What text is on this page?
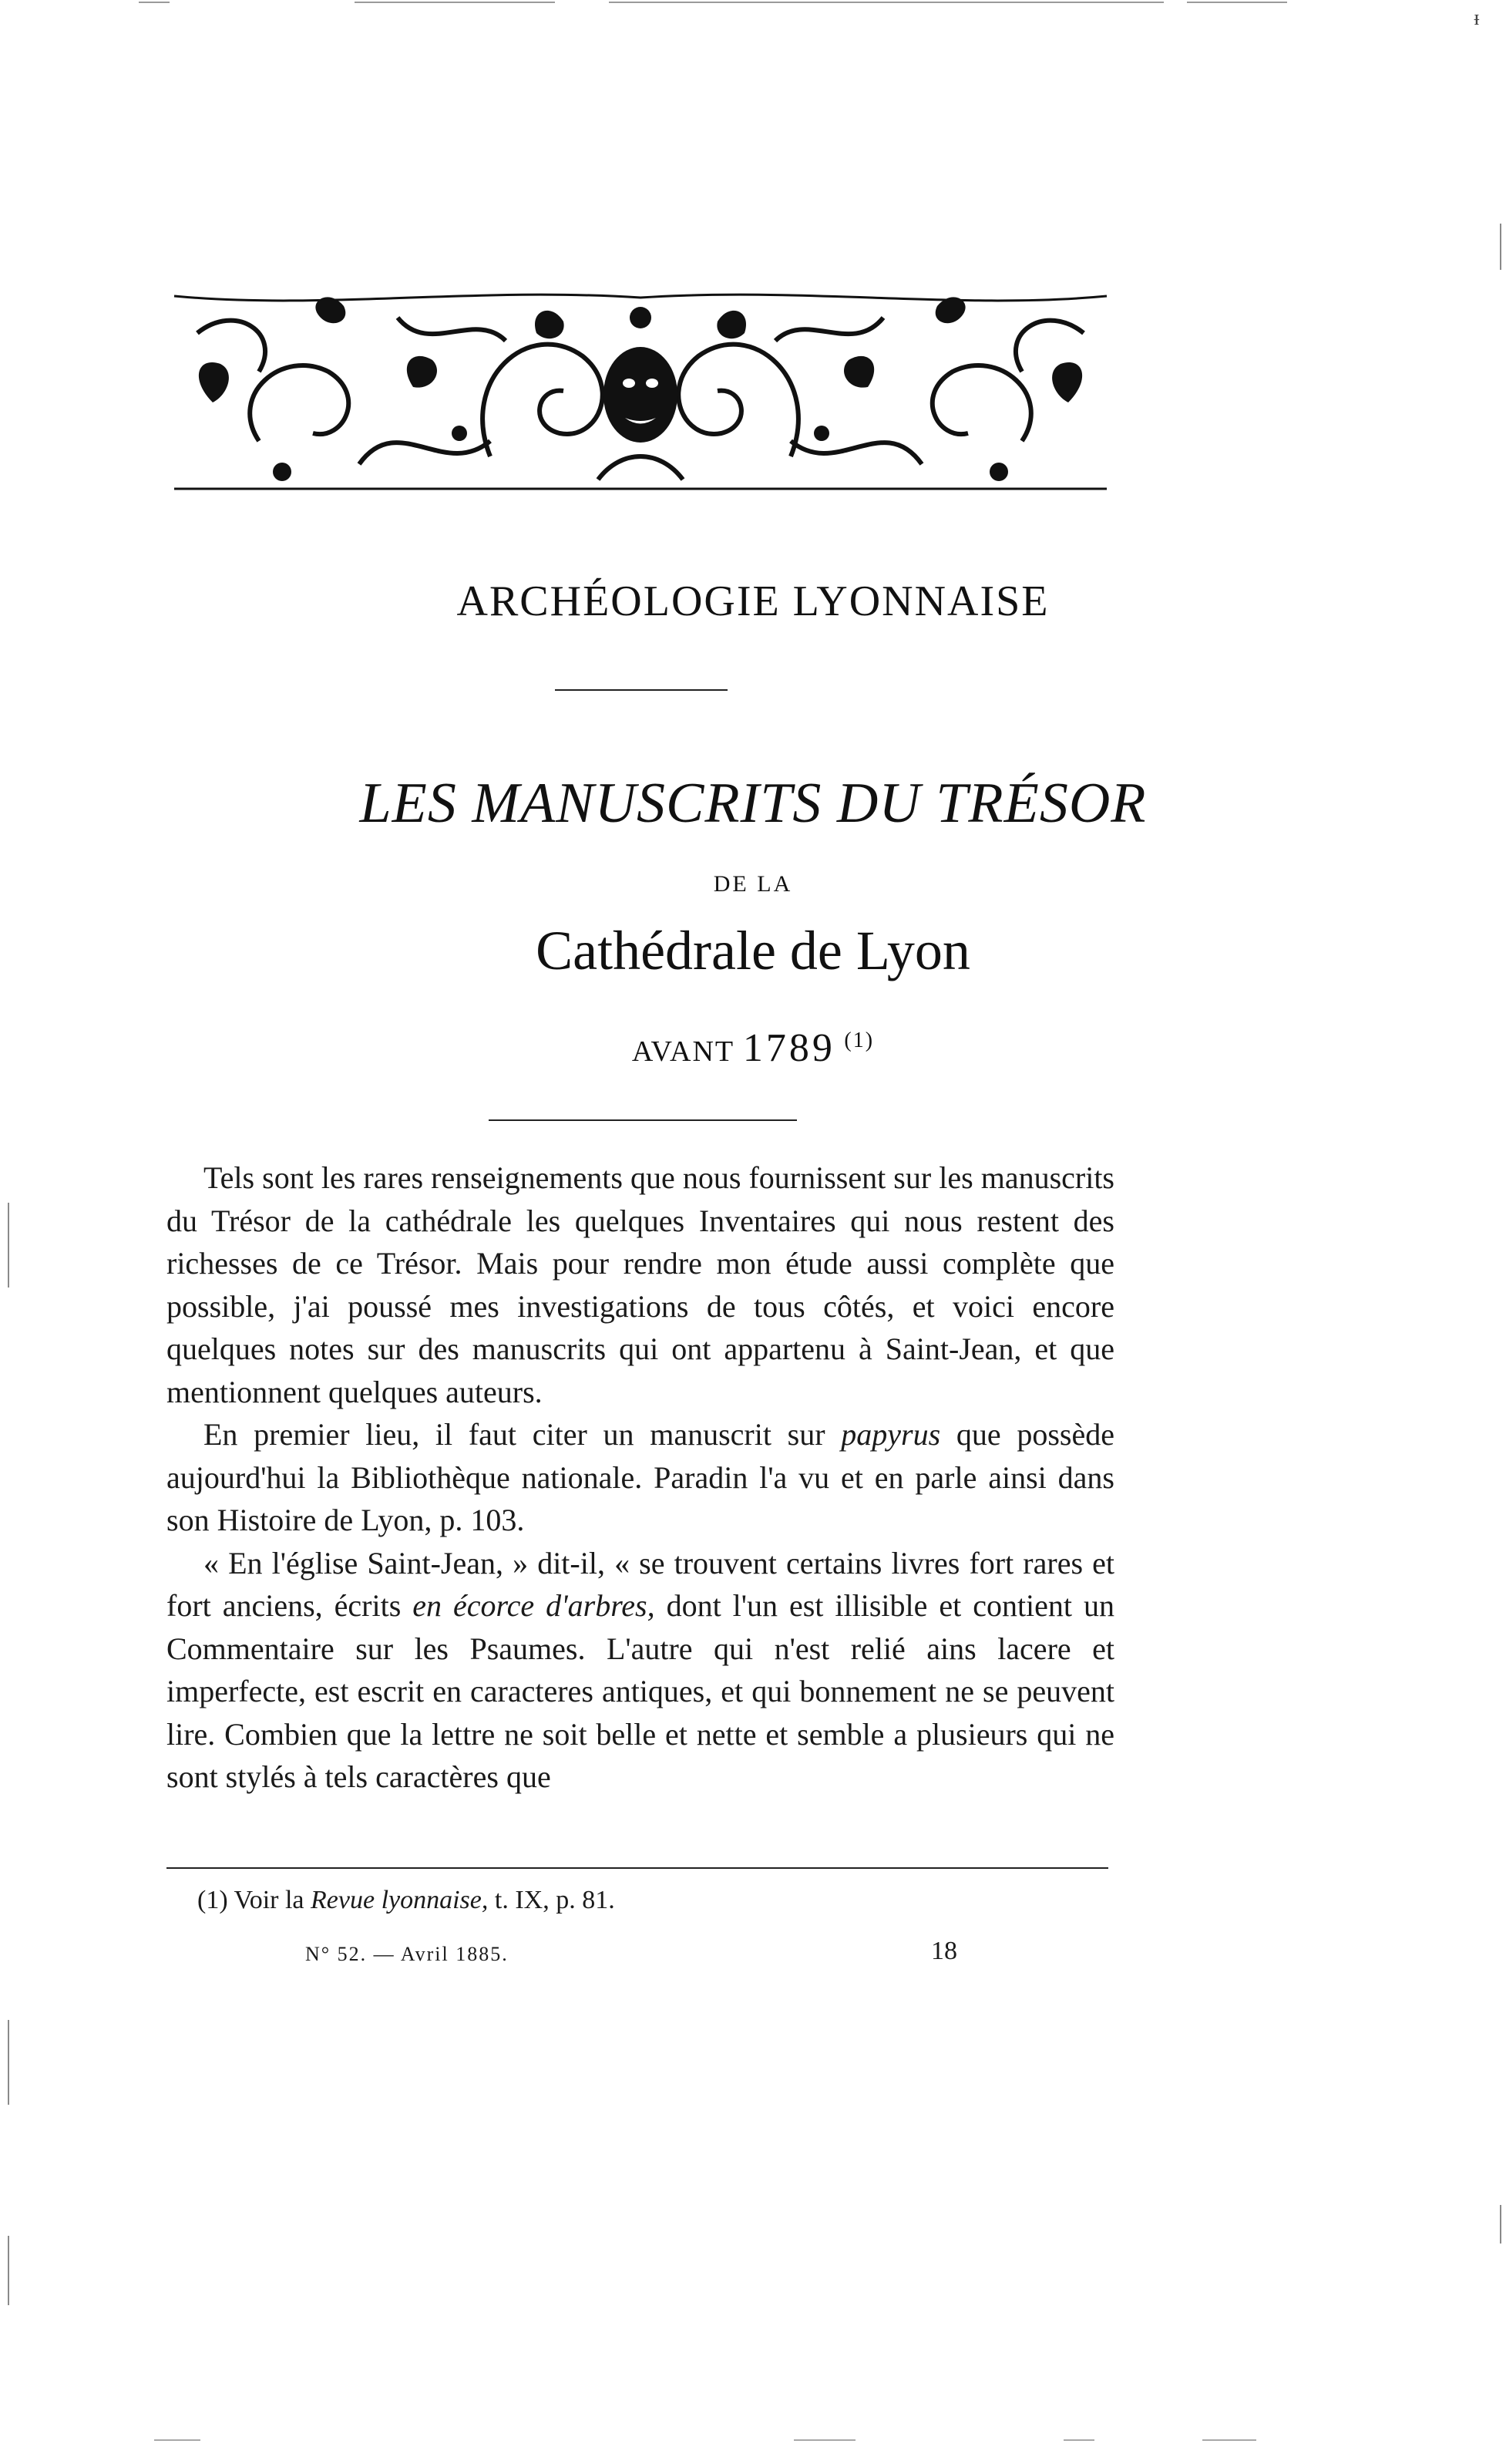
ᵻ
ARCHÉOLOGIE LYONNAISE
LES MANUSCRITS DU TRÉSOR
DE LA
Cathédrale de Lyon
AVANT 1789 $^{(1)}$

Tels sont les rares renseignements que nous fournissent sur les manuscrits du Trésor de la cathédrale les quelques Inventaires qui nous restent des richesses de ce Trésor. Mais pour rendre mon étude aussi complète que possible, j'ai poussé mes investigations de tous côtés, et voici encore quelques notes sur des manuscrits qui ont appartenu à Saint-Jean, et que mentionnent quelques auteurs.

En premier lieu, il faut citer un manuscrit sur papyrus que possède aujourd'hui la Bibliothèque nationale. Paradin l'a vu et en parle ainsi dans son Histoire de Lyon, p. 103.

« En l'église Saint-Jean, » dit-il, « se trouvent certains livres fort rares et fort anciens, écrits en écorce d'arbres, dont l'un est illisible et contient un Commentaire sur les Psaumes. L'autre qui n'est relié ains lacere et imperfecte, est escrit en caracteres antiques, et qui bonnement ne se peuvent lire. Combien que la lettre ne soit belle et nette et semble a plusieurs qui ne sont stylés à tels caractères que

(1) Voir la Revue lyonnaise, t. IX, p. 81.
N° 52. — Avril 1885.	18
